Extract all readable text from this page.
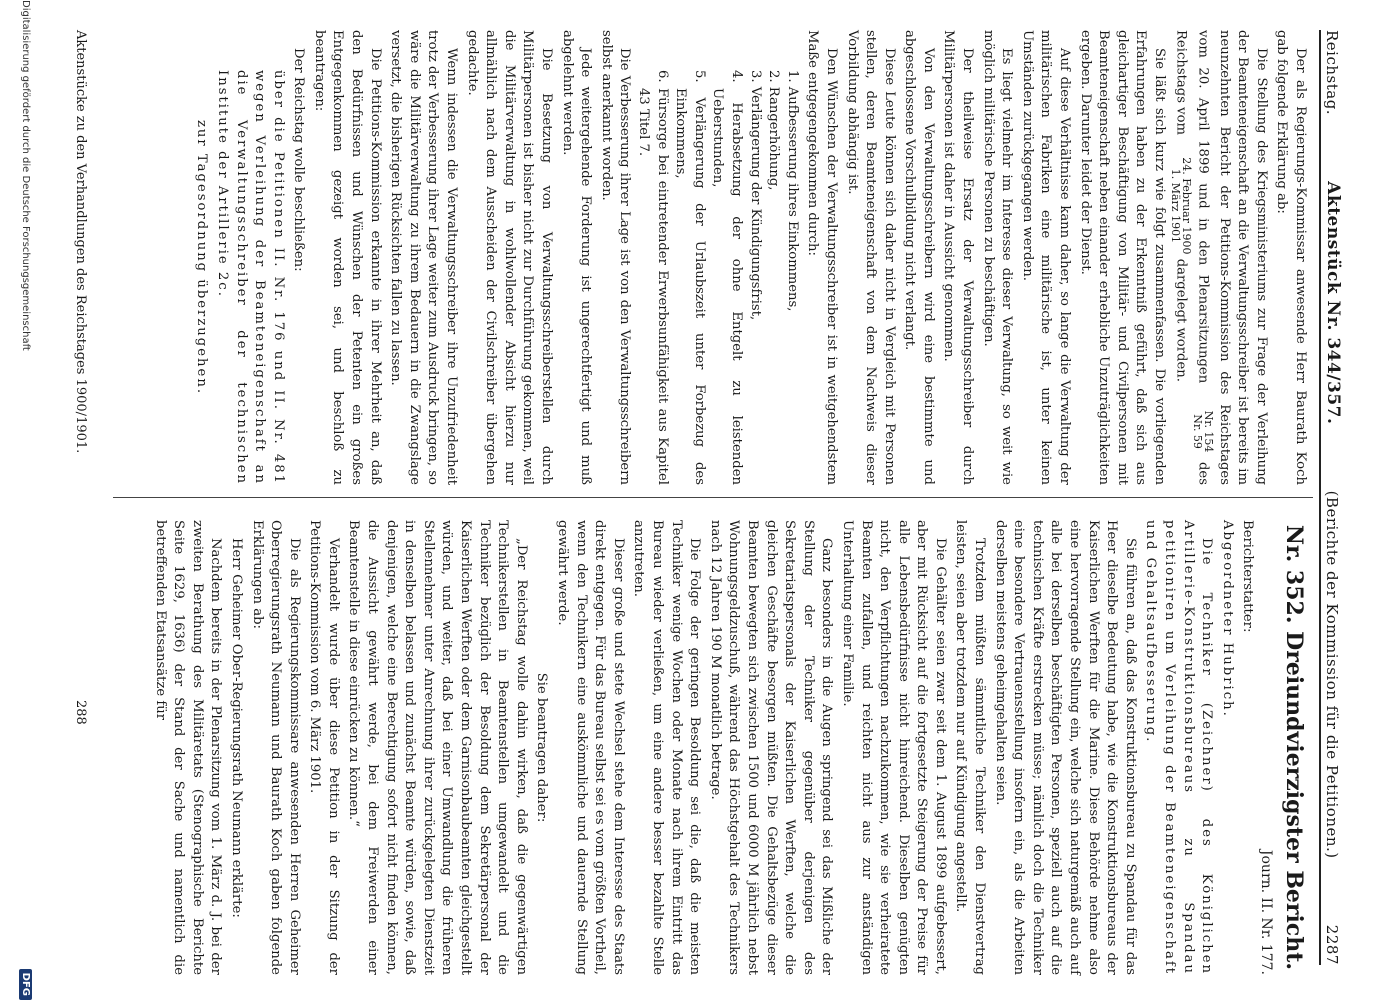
Reichstag.
Aktenstück Nr. 344/357.
(Berichte der Kommission für die Petitionen.)
2287

Der als Regierungs-Kommissar anwesende Herr Baurath Koch gab folgende Erklärung ab:

Die Stellung des Kriegsministeriums zur Frage der Verleihung der Beamteneigenschaft an die Verwaltungsschreiber ist bereits im neunzehnten Bericht der Petitions-Kommission des Reichstages vom 20. April 1899 und in den Plenarsitzungen
Nr. 154
Nr. 59
des Reichstags vom
24. Februar 1900
1. März 1901
dargelegt worden.

Sie läßt sich kurz wie folgt zusammenfassen. Die vorliegenden Erfahrungen haben zu der Erkenntniß geführt, daß sich aus gleichartiger Beschäftigung von Militär- und Civilpersonen mit Beamteneigenschaft neben einander erhebliche Unzuträglichkeiten ergeben. Darunter leidet der Dienst.

Auf diese Verhältnisse kann daher, so lange die Verwaltung der militärischen Fabriken eine militärische ist, unter keinen Umständen zurückgegangen werden.

Es liegt vielmehr im Interesse dieser Verwaltung, so weit wie möglich militärische Personen zu beschäftigen.

Der theilweise Ersatz der Verwaltungsschreiber durch Militärpersonen ist daher in Aussicht genommen.

Von den Verwaltungsschreibern wird eine bestimmte und abgeschlossene Vorschulbildung nicht verlangt.

Diese Leute können sich daher nicht in Vergleich mit Personen stellen, deren Beamteneigenschaft von dem Nachweis dieser Vorbildung abhängig ist.

Den Wünschen der Verwaltungsschreiber ist in weitgehendstem Maße entgegengekommen durch:

1. Aufbesserung ihres Einkommens,
2. Rangerhöhung,
3. Verlängerung der Kündigungsfrist,
4. Herabsetzung der ohne Entgelt zu leistenden Ueberstunden,
5. Verlängerung der Urlaubszeit unter Forbezug des Einkommens,
6. Fürsorge bei eintretender Erwerbsunfähigkeit aus Kapitel 43 Titel 7.

Die Verbesserung ihrer Lage ist von den Verwaltungsschreibern selbst anerkannt worden.

Jede weitergehende Forderung ist ungerechtfertigt und muß abgelehnt werden.

Die Besetzung von Verwaltungsschreiberstellen durch Militärpersonen ist bisher nicht zur Durchführung gekommen, weil die Militärverwaltung in wohlwollender Absicht hierzu nur allmählich nach dem Ausscheiden der Civilschreiber übergehen gedachte.

Wenn indessen die Verwaltungsschreiber ihre Unzufriedenheit trotz der Verbesserung ihrer Lage weiter zum Ausdruck bringen, so wäre die Militärverwaltung zu ihrem Bedauern in die Zwangslage versetzt, die bisherigen Rücksichten fallen zu lassen.

Die Petitions-Kommission erkannte in ihrer Mehrheit an, daß den Bedürfnissen und Wünschen der Petenten ein großes Entgegenkommen gezeigt worden sei, und beschloß zu beantragen:

Der Reichstag wolle beschließen:

über die Petitionen II. Nr. 176 und II. Nr. 481 wegen Verleihung der Beamteneigenschaft an die Verwaltungsschreiber der technischen Institute der Artillerie 2c.

zur Tagesordnung überzugehen.

Nr. 352. Dreiundvierzigster Bericht.
Journ. II. Nr. 177.

Berichterstatter:

Abgeordneter Hubrich.

Die Techniker (Zeichner) des Königlichen Artillerie-Konstruktionsbureaus zu Spandau petitioniren um Verleihung der Beamteneigenschaft und Gehaltsaufbesserung.

Sie führen an, daß das Konstruktionsbureau zu Spandau für das Heer dieselbe Bedeutung habe, wie die Konstruktionsbureaus der Kaiserlichen Werften für die Marine. Diese Behörde nehme also eine hervorragende Stellung ein, welche sich naturgemäß auch auf alle bei derselben beschäftigten Personen, speziell auch auf die technischen Kräfte erstrecken müsse; nämlich doch die Techniker eine besondere Vertrauensstellung insofern ein, als die Arbeiten derselben meistens geheimgehalten seien.

Trotzdem müßten sämmtliche Techniker den Dienstvertrag leisten, seien aber trotzdem nur auf Kündigung angestellt.

Die Gehälter seien zwar seit dem 1. August 1899 aufgebessert, aber mit Rücksicht auf die fortgesetzte Steigerung der Preise für alle Lebensbedürfnisse nicht hinreichend. Dieselben genügten nicht, den Verpflichtungen nachzukommen, wie sie verheiratete Beamten zufallen, und reichten nicht aus zur anständigen Unterhaltung einer Familie.

Ganz besonders in die Augen springend sei das Mißliche der Stellung der Techniker gegenüber derjenigen des Sekretariatspersonals der Kaiserlichen Werften, welche die gleichen Geschäfte besorgen müßten. Die Gehaltsbezüge dieser Beamten bewegten sich zwischen 1500 und 6000 M jährlich nebst Wohnungsgeldzuschuß, während das Höchstgehalt des Technikers nach 12 Jahren 190 M monatlich betrage.

Die Folge der geringen Besoldung sei die, daß die meisten Techniker wenige Wochen oder Monate nach ihrem Eintritt das Bureau wieder verließen, um eine andere besser bezahlte Stelle anzutreten.

Dieser große und stete Wechsel stehe dem Interesse des Staats direkt entgegen. Für das Bureau selbst sei es vom größten Vortheil, wenn den Technikern eine auskömmliche und dauernde Stellung gewährt werde.

Sie beantragen daher:

„Der Reichstag wolle dahin wirken, daß die gegenwärtigen Technikerstellen in Beamtenstellen umgewandelt und die Techniker bezüglich der Besoldung dem Sekretärpersonal der Kaiserlichen Werften oder dem Garnisonbaubeamten gleichgestellt würden, und weiter, daß bei einer Umwandlung die früheren Stellennehmer unter Anrechnung ihrer zurückgelegten Dienstzeit in denselben belassen und zunächst Beamte würden, sowie, daß denjenigen, welche eine Berechtigung sofort nicht finden können, die Aussicht gewährt werde, bei dem Freiwerden einer Beamtenstelle in diese einrücken zu können.“

Verhandelt wurde über diese Petition in der Sitzung der Petitions-Kommission vom 6. März 1901.

Die als Regierungskommissare anwesenden Herren Geheimer Oberregierungsrath Neumann und Baurath Koch gaben folgende Erklärungen ab:

Herr Geheimer Ober-Regierungsrath Neumann erklärte:

Nachdem bereits in der Plenarsitzung vom 1. März d. J. bei der zweiten Berathung des Militäretats (Stenographische Berichte Seite 1629, 1636) der Stand der Sache und namentlich die betreffenden Etatsansätze für

Aktenstücke zu den Verhandlungen des Reichstages 1900/1901.
288
Digitalisierung gefördert durch die Deutsche Forschungsgemeinschaft
DFG
